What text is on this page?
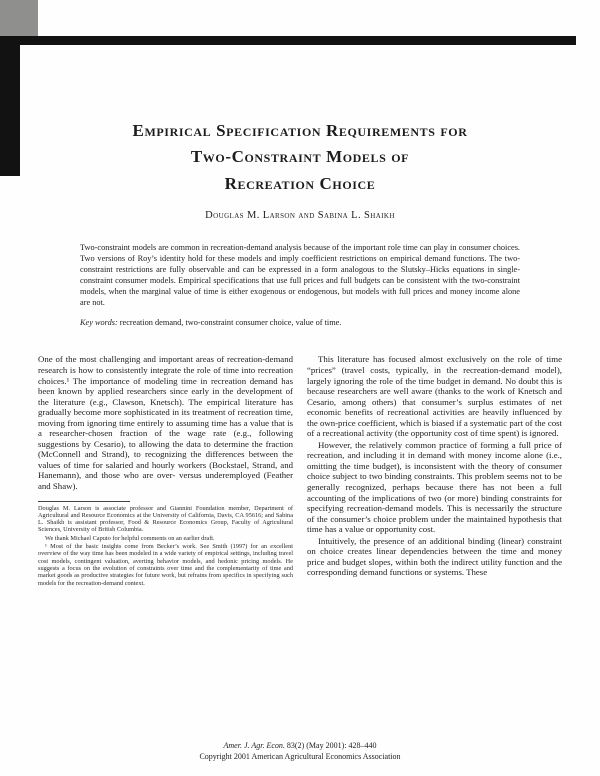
Empirical Specification Requirements for
Two-Constraint Models of
Recreation Choice
Douglas M. Larson and Sabina L. Shaikh
Two-constraint models are common in recreation-demand analysis because of the important role time can play in consumer choices. Two versions of Roy’s identity hold for these models and imply coefficient restrictions on empirical demand functions. The two-constraint restrictions are fully observable and can be expressed in a form analogous to the Slutsky–Hicks equations in single-constraint consumer models. Empirical specifications that use full prices and full budgets can be consistent with the two-constraint models, when the marginal value of time is either exogenous or endogenous, but models with full prices and money income alone are not.
Key words: recreation demand, two-constraint consumer choice, value of time.

One of the most challenging and important areas of recreation-demand research is how to consistently integrate the role of time into recreation choices.¹ The importance of modeling time in recreation demand has been known by applied researchers since early in the development of the literature (e.g., Clawson, Knetsch). The empirical literature has gradually become more sophisticated in its treatment of recreation time, moving from ignoring time entirely to assuming time has a value that is a researcher-chosen fraction of the wage rate (e.g., following suggestions by Cesario), to allowing the data to determine the fraction (McConnell and Strand), to recognizing the differences between the values of time for salaried and hourly workers (Bockstael, Strand, and Hanemann), and those who are over- versus underemployed (Feather and Shaw).

Douglas M. Larson is associate professor and Giannini Foundation member, Department of Agricultural and Resource Economics at the University of California, Davis, CA 95616; and Sabina L. Shaikh is assistant professor, Food & Resource Economics Group, Faculty of Agricultural Sciences, University of British Columbia.

We thank Michael Caputo for helpful comments on an earlier draft.

¹ Most of the basic insights come from Becker’s work. See Smith (1997) for an excellent overview of the way time has been modeled in a wide variety of empirical settings, including travel cost models, contingent valuation, averting behavior models, and hedonic pricing models. He suggests a focus on the evolution of constraints over time and the complementarity of time and market goods as productive strategies for future work, but refrains from specifics in specifying such models for the recreation-demand context.

This literature has focused almost exclusively on the role of time “prices” (travel costs, typically, in the recreation-demand model), largely ignoring the role of the time budget in demand. No doubt this is because researchers are well aware (thanks to the work of Knetsch and Cesario, among others) that consumer’s surplus estimates of net economic benefits of recreational activities are heavily influenced by the own-price coefficient, which is biased if a systematic part of the cost of a recreational activity (the opportunity cost of time spent) is ignored.

However, the relatively common practice of forming a full price of recreation, and including it in demand with money income alone (i.e., omitting the time budget), is inconsistent with the theory of consumer choice subject to two binding constraints. This problem seems not to be generally recognized, perhaps because there has not been a full accounting of the implications of two (or more) binding constraints for specifying recreation-demand models. This is necessarily the structure of the consumer’s choice problem under the maintained hypothesis that time has a value or opportunity cost.

Intuitively, the presence of an additional binding (linear) constraint on choice creates linear dependencies between the time and money price and budget slopes, within both the indirect utility function and the corresponding demand functions or systems. These

Amer. J. Agr. Econ. 83(2) (May 2001): 428–440
Copyright 2001 American Agricultural Economics Association
